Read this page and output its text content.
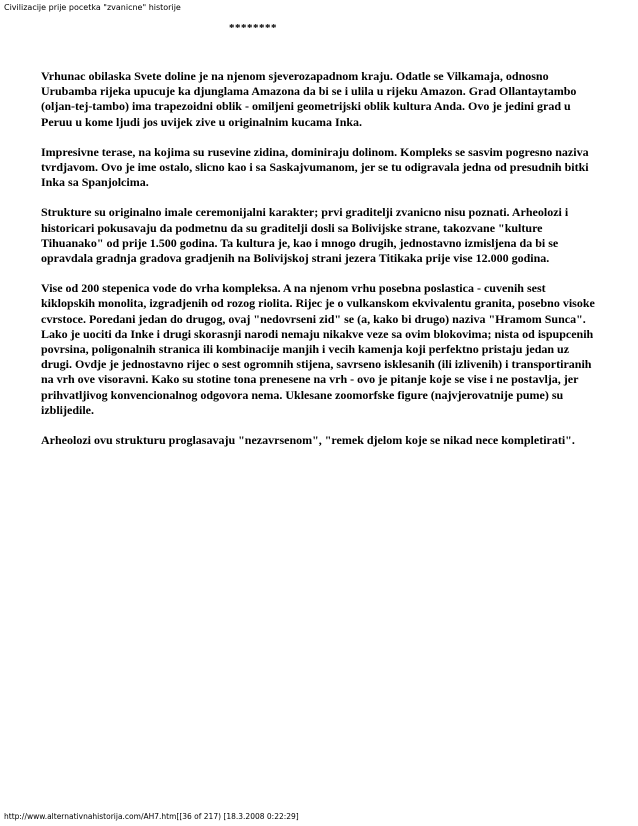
Civilizacije prije pocetka "zvanicne" historije
********

Vrhunac obilaska Svete doline je na njenom sjeverozapadnom kraju. Odatle se Vilkamaja, odnosno Urubamba rijeka upucuje ka djunglama Amazona da bi se i ulila u rijeku Amazon. Grad Ollantaytambo (oljan-tej-tambo) ima trapezoidni oblik - omiljeni geometrijski oblik kultura Anda. Ovo je jedini grad u Peruu u kome ljudi jos uvijek zive u originalnim kucama Inka.

Impresivne terase, na kojima su rusevine zidina, dominiraju dolinom. Kompleks se sasvim pogresno naziva tvrdjavom. Ovo je ime ostalo, slicno kao i sa Saskajvumanom, jer se tu odigravala jedna od presudnih bitki Inka sa Spanjolcima.

Strukture su originalno imale ceremonijalni karakter; prvi graditelji zvanicno nisu poznati. Arheolozi i historicari pokusavaju da podmetnu da su graditelji dosli sa Bolivijske strane, takozvane "kulture Tihuanako" od prije 1.500 godina. Ta kultura je, kao i mnogo drugih, jednostavno izmisljena da bi se opravdala gradnja gradova gradjenih na Bolivijskoj strani jezera Titikaka prije vise 12.000 godina.

Vise od 200 stepenica vode do vrha kompleksa. A na njenom vrhu posebna poslastica - cuvenih sest kiklopskih monolita, izgradjenih od rozog riolita. Rijec je o vulkanskom ekvivalentu granita, posebno visoke cvrstoce. Poredani jedan do drugog, ovaj "nedovrseni zid" se (a, kako bi drugo) naziva "Hramom Sunca". Lako je uociti da Inke i drugi skorasnji narodi nemaju nikakve veze sa ovim blokovima; nista od ispupcenih povrsina, poligonalnih stranica ili kombinacije manjih i vecih kamenja koji perfektno pristaju jedan uz drugi. Ovdje je jednostavno rijec o sest ogromnih stijena, savrseno isklesanih (ili izlivenih) i transportiranih na vrh ove visoravni. Kako su stotine tona prenesene na vrh - ovo je pitanje koje se vise i ne postavlja, jer prihvatljivog konvencionalnog odgovora nema. Uklesane zoomorfske figure (najvjerovatnije pume) su izblijedile.

Arheolozi ovu strukturu proglasavaju "nezavrsenom", "remek djelom koje se nikad nece kompletirati".

http://www.alternativnahistorija.com/AH7.htm[[36 of 217) [18.3.2008 0:22:29]
